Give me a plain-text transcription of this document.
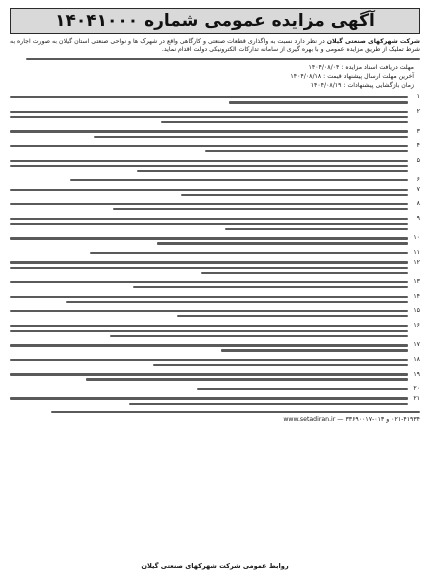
آگهی مزایده عمومی شماره ۱۴۰۴۱۰۰۰
شرکت شهرکهای صنعتی گیلان در نظر دارد نسبت به واگذاری قطعات صنعتی و کارگاهی واقع در شهرک ها و نواحی صنعتی استان گیلان به صورت اجاره به شرط تملیک از طریق مزایده عمومی و با بهره گیری از سامانه تدارکات الکترونیکی دولت اقدام نماید.
مهلت دریافت اسناد مزایده : ۱۴۰۴/۰۸/۰۴
آخرین مهلت ارسال پیشنهاد قیمت : ۱۴۰۴/۰۸/۱۸
زمان بازگشایی پیشنهادات : ۱۴۰۴/۰۸/۱۹
۱
۲
۳
۴
۵
۶
۷
۸
۹
۱۰
۱۱
۱۲
۱۳
۱۴
۱۵
۱۶
۱۷
۱۸
۱۹
۲۰
۲۱
۰۲۱-۴۱۹۳۴ و ۰۱۳-۳۳۶۹۰۰۱۷ — www.setadiran.ir
روابط عمومی شرکت شهرکهای صنعتی گیلان
